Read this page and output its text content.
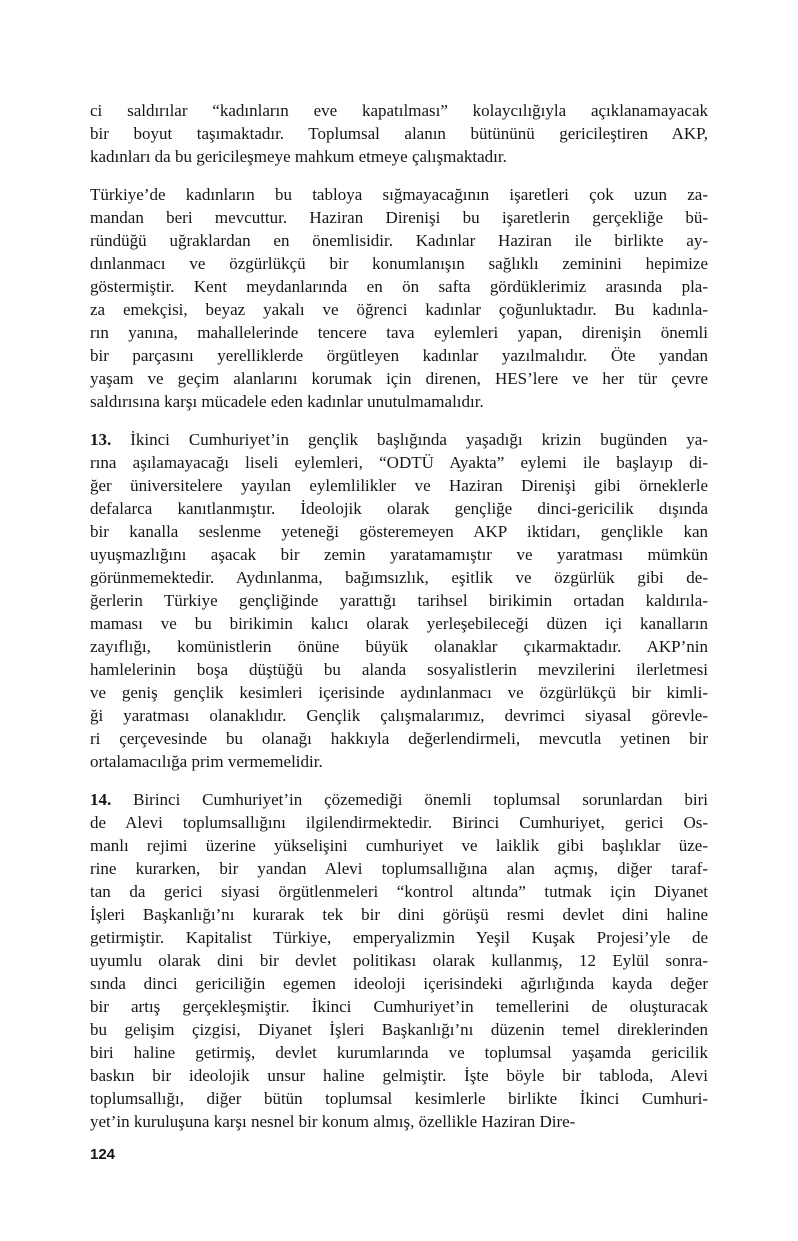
ci saldırılar “kadınların eve kapatılması” kolaycılığıyla açıklanamayacak
bir boyut taşımaktadır. Toplumsal alanın bütününü gericileştiren AKP,
kadınları da bu gericileşmeye mahkum etmeye çalışmaktadır.
Türkiye’de kadınların bu tabloya sığmayacağının işaretleri çok uzun za-
mandan beri mevcuttur. Haziran Direnişi bu işaretlerin gerçekliğe bü-
ründüğü uğraklardan en önemlisidir. Kadınlar Haziran ile birlikte ay-
dınlanmacı ve özgürlükçü bir konumlanışın sağlıklı zeminini hepimize
göstermiştir. Kent meydanlarında en ön safta gördüklerimiz arasında pla-
za emekçisi, beyaz yakalı ve öğrenci kadınlar çoğunluktadır. Bu kadınla-
rın yanına, mahallelerinde tencere tava eylemleri yapan, direnişin önemli
bir parçasını yerelliklerde örgütleyen kadınlar yazılmalıdır. Öte yandan
yaşam ve geçim alanlarını korumak için direnen, HES’lere ve her tür çevre
saldırısına karşı mücadele eden kadınlar unutulmamalıdır.
13. İkinci Cumhuriyet’in gençlik başlığında yaşadığı krizin bugünden ya-
rına aşılamayacağı liseli eylemleri, “ODTÜ Ayakta” eylemi ile başlayıp di-
ğer üniversitelere yayılan eylemlilikler ve Haziran Direnişi gibi örneklerle
defalarca kanıtlanmıştır. İdeolojik olarak gençliğe dinci-gericilik dışında
bir kanalla seslenme yeteneği gösteremeyen AKP iktidarı, gençlikle kan
uyuşmazlığını aşacak bir zemin yaratamamıştır ve yaratması mümkün
görünmemektedir. Aydınlanma, bağımsızlık, eşitlik ve özgürlük gibi de-
ğerlerin Türkiye gençliğinde yarattığı tarihsel birikimin ortadan kaldırıla-
maması ve bu birikimin kalıcı olarak yerleşebileceği düzen içi kanalların
zayıflığı, komünistlerin önüne büyük olanaklar çıkarmaktadır. AKP’nin
hamlelerinin boşa düştüğü bu alanda sosyalistlerin mevzilerini ilerletmesi
ve geniş gençlik kesimleri içerisinde aydınlanmacı ve özgürlükçü bir kimli-
ği yaratması olanaklıdır. Gençlik çalışmalarımız, devrimci siyasal görevle-
ri çerçevesinde bu olanağı hakkıyla değerlendirmeli, mevcutla yetinen bir
ortalamacılığa prim vermemelidir.
14. Birinci Cumhuriyet’in çözemediği önemli toplumsal sorunlardan biri
de Alevi toplumsallığını ilgilendirmektedir. Birinci Cumhuriyet, gerici Os-
manlı rejimi üzerine yükselişini cumhuriyet ve laiklik gibi başlıklar üze-
rine kurarken, bir yandan Alevi toplumsallığına alan açmış, diğer taraf-
tan da gerici siyasi örgütlenmeleri “kontrol altında” tutmak için Diyanet
İşleri Başkanlığı’nı kurarak tek bir dini görüşü resmi devlet dini haline
getirmiştir. Kapitalist Türkiye, emperyalizmin Yeşil Kuşak Projesi’yle de
uyumlu olarak dini bir devlet politikası olarak kullanmış, 12 Eylül sonra-
sında dinci gericiliğin egemen ideoloji içerisindeki ağırlığında kayda değer
bir artış gerçekleşmiştir. İkinci Cumhuriyet’in temellerini de oluşturacak
bu gelişim çizgisi, Diyanet İşleri Başkanlığı’nı düzenin temel direklerinden
biri haline getirmiş, devlet kurumlarında ve toplumsal yaşamda gericilik
baskın bir ideolojik unsur haline gelmiştir. İşte böyle bir tabloda, Alevi
toplumsallığı, diğer bütün toplumsal kesimlerle birlikte İkinci Cumhuri-
yet’in kuruluşuna karşı nesnel bir konum almış, özellikle Haziran Dire-
124
